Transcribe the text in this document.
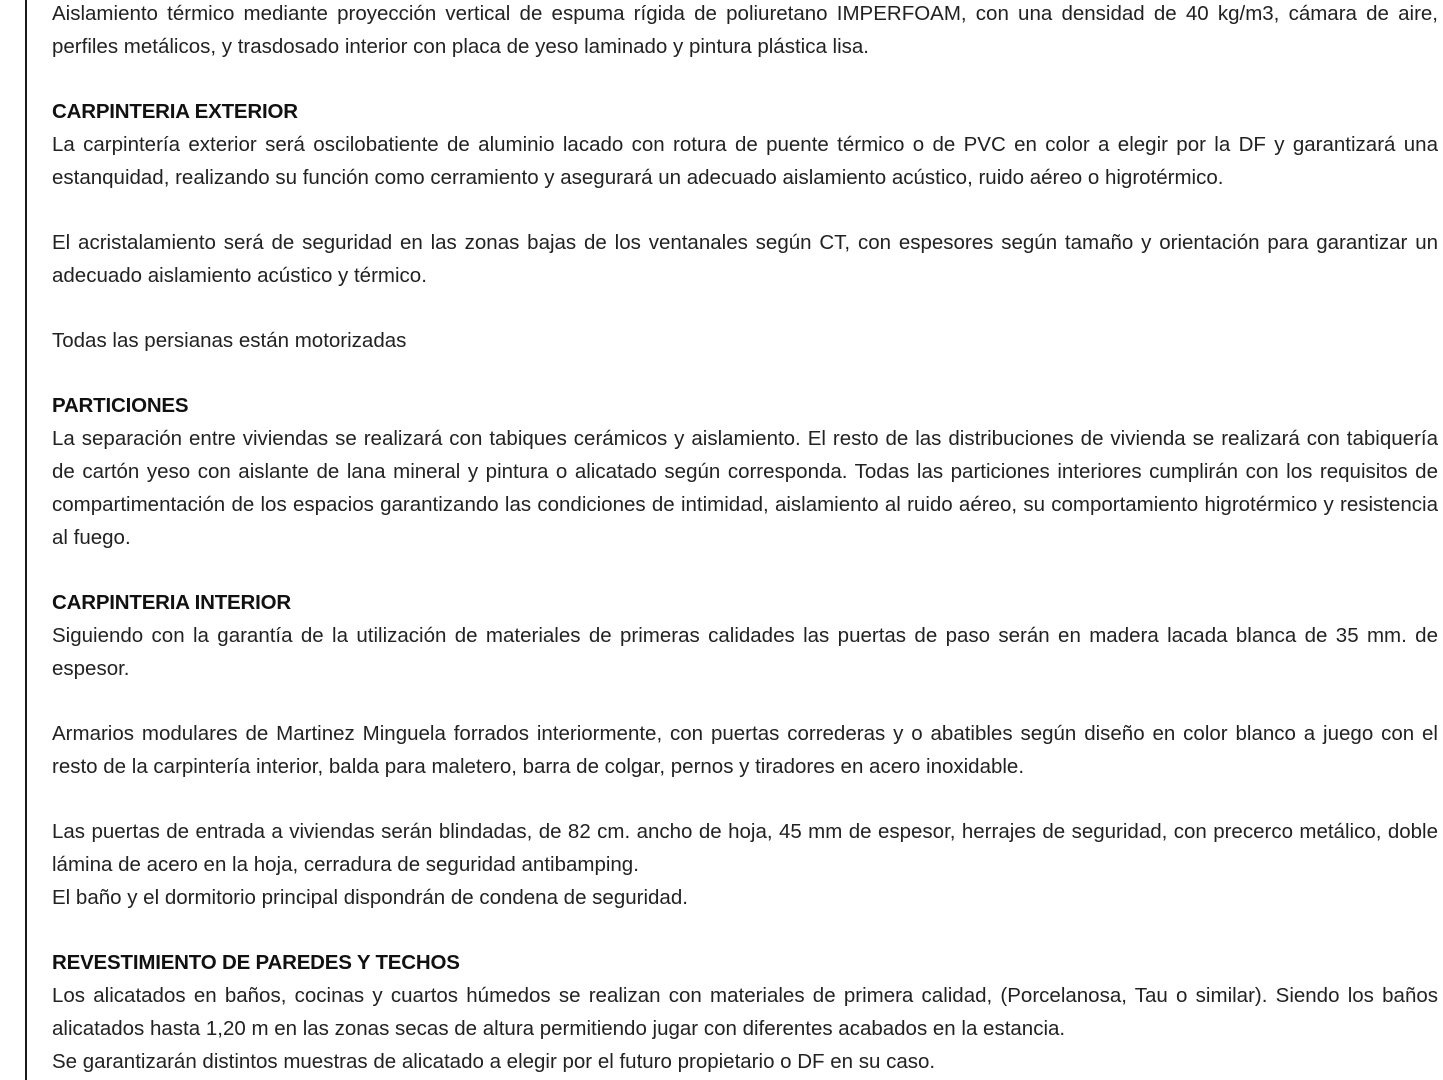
Aislamiento térmico mediante proyección vertical de espuma rígida de poliuretano IMPERFOAM, con una densidad de 40 kg/m3, cámara de aire, perfiles metálicos, y trasdosado interior con placa de yeso laminado y pintura plástica lisa.

CARPINTERIA EXTERIOR

La carpintería exterior será oscilobatiente de aluminio lacado con rotura de puente térmico o de PVC en color a elegir por la DF y garantizará una estanquidad, realizando su función como cerramiento y asegurará un adecuado aislamiento acústico, ruido aéreo o higrotérmico.

El acristalamiento será de seguridad en las zonas bajas de los ventanales según CT, con espesores según tamaño y orientación para garantizar un adecuado aislamiento acústico y térmico.

Todas las persianas están motorizadas

PARTICIONES

La separación entre viviendas se realizará con tabiques cerámicos y aislamiento. El resto de las distribuciones de vivienda se realizará con tabiquería de cartón yeso con aislante de lana mineral y pintura o alicatado según corresponda. Todas las particiones interiores cumplirán con los requisitos de compartimentación de los espacios garantizando las condiciones de intimidad, aislamiento al ruido aéreo, su comportamiento higrotérmico y resistencia al fuego.

CARPINTERIA INTERIOR

Siguiendo con la garantía de la utilización de materiales de primeras calidades las puertas de paso serán en madera lacada blanca de 35 mm. de espesor.

Armarios modulares de Martinez Minguela forrados interiormente, con puertas correderas y o abatibles según diseño en color blanco a juego con el resto de la carpintería interior, balda para maletero, barra de colgar, pernos y tiradores en acero inoxidable.

Las puertas de entrada a viviendas serán blindadas, de 82 cm. ancho de hoja, 45 mm de espesor, herrajes de seguridad, con precerco metálico, doble lámina de acero en la hoja, cerradura de seguridad antibamping.

El baño y el dormitorio principal dispondrán de condena de seguridad.

REVESTIMIENTO DE PAREDES Y TECHOS

Los alicatados en baños, cocinas y cuartos húmedos se realizan con materiales de primera calidad, (Porcelanosa, Tau o similar). Siendo los baños alicatados hasta 1,20 m en las zonas secas de altura permitiendo jugar con diferentes acabados en la estancia.

Se garantizarán distintos muestras de alicatado a elegir por el futuro propietario o DF en su caso.
